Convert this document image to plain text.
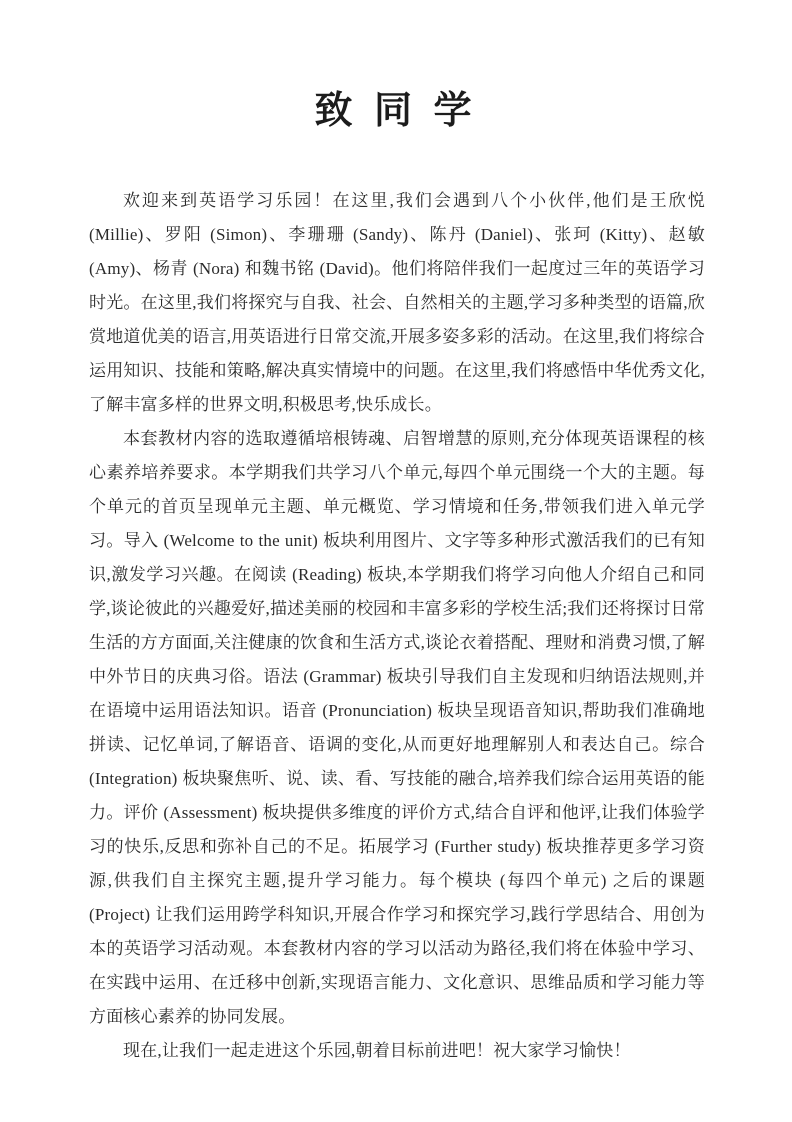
致 同 学

欢迎来到英语学习乐园！在这里,我们会遇到八个小伙伴,他们是王欣悦 (Millie)、罗阳 (Simon)、李珊珊 (Sandy)、陈丹 (Daniel)、张珂 (Kitty)、赵敏 (Amy)、杨青 (Nora) 和魏书铭 (David)。他们将陪伴我们一起度过三年的英语学习时光。在这里,我们将探究与自我、社会、自然相关的主题,学习多种类型的语篇,欣赏地道优美的语言,用英语进行日常交流,开展多姿多彩的活动。在这里,我们将综合运用知识、技能和策略,解决真实情境中的问题。在这里,我们将感悟中华优秀文化,了解丰富多样的世界文明,积极思考,快乐成长。

本套教材内容的选取遵循培根铸魂、启智增慧的原则,充分体现英语课程的核心素养培养要求。本学期我们共学习八个单元,每四个单元围绕一个大的主题。每个单元的首页呈现单元主题、单元概览、学习情境和任务,带领我们进入单元学习。导入 (Welcome to the unit) 板块利用图片、文字等多种形式激活我们的已有知识,激发学习兴趣。在阅读 (Reading) 板块,本学期我们将学习向他人介绍自己和同学,谈论彼此的兴趣爱好,描述美丽的校园和丰富多彩的学校生活;我们还将探讨日常生活的方方面面,关注健康的饮食和生活方式,谈论衣着搭配、理财和消费习惯,了解中外节日的庆典习俗。语法 (Grammar) 板块引导我们自主发现和归纳语法规则,并在语境中运用语法知识。语音 (Pronunciation) 板块呈现语音知识,帮助我们准确地拼读、记忆单词,了解语音、语调的变化,从而更好地理解别人和表达自己。综合 (Integration) 板块聚焦听、说、读、看、写技能的融合,培养我们综合运用英语的能力。评价 (Assessment) 板块提供多维度的评价方式,结合自评和他评,让我们体验学习的快乐,反思和弥补自己的不足。拓展学习 (Further study) 板块推荐更多学习资源,供我们自主探究主题,提升学习能力。每个模块 (每四个单元) 之后的课题 (Project) 让我们运用跨学科知识,开展合作学习和探究学习,践行学思结合、用创为本的英语学习活动观。本套教材内容的学习以活动为路径,我们将在体验中学习、在实践中运用、在迁移中创新,实现语言能力、文化意识、思维品质和学习能力等方面核心素养的协同发展。

现在,让我们一起走进这个乐园,朝着目标前进吧！祝大家学习愉快！
